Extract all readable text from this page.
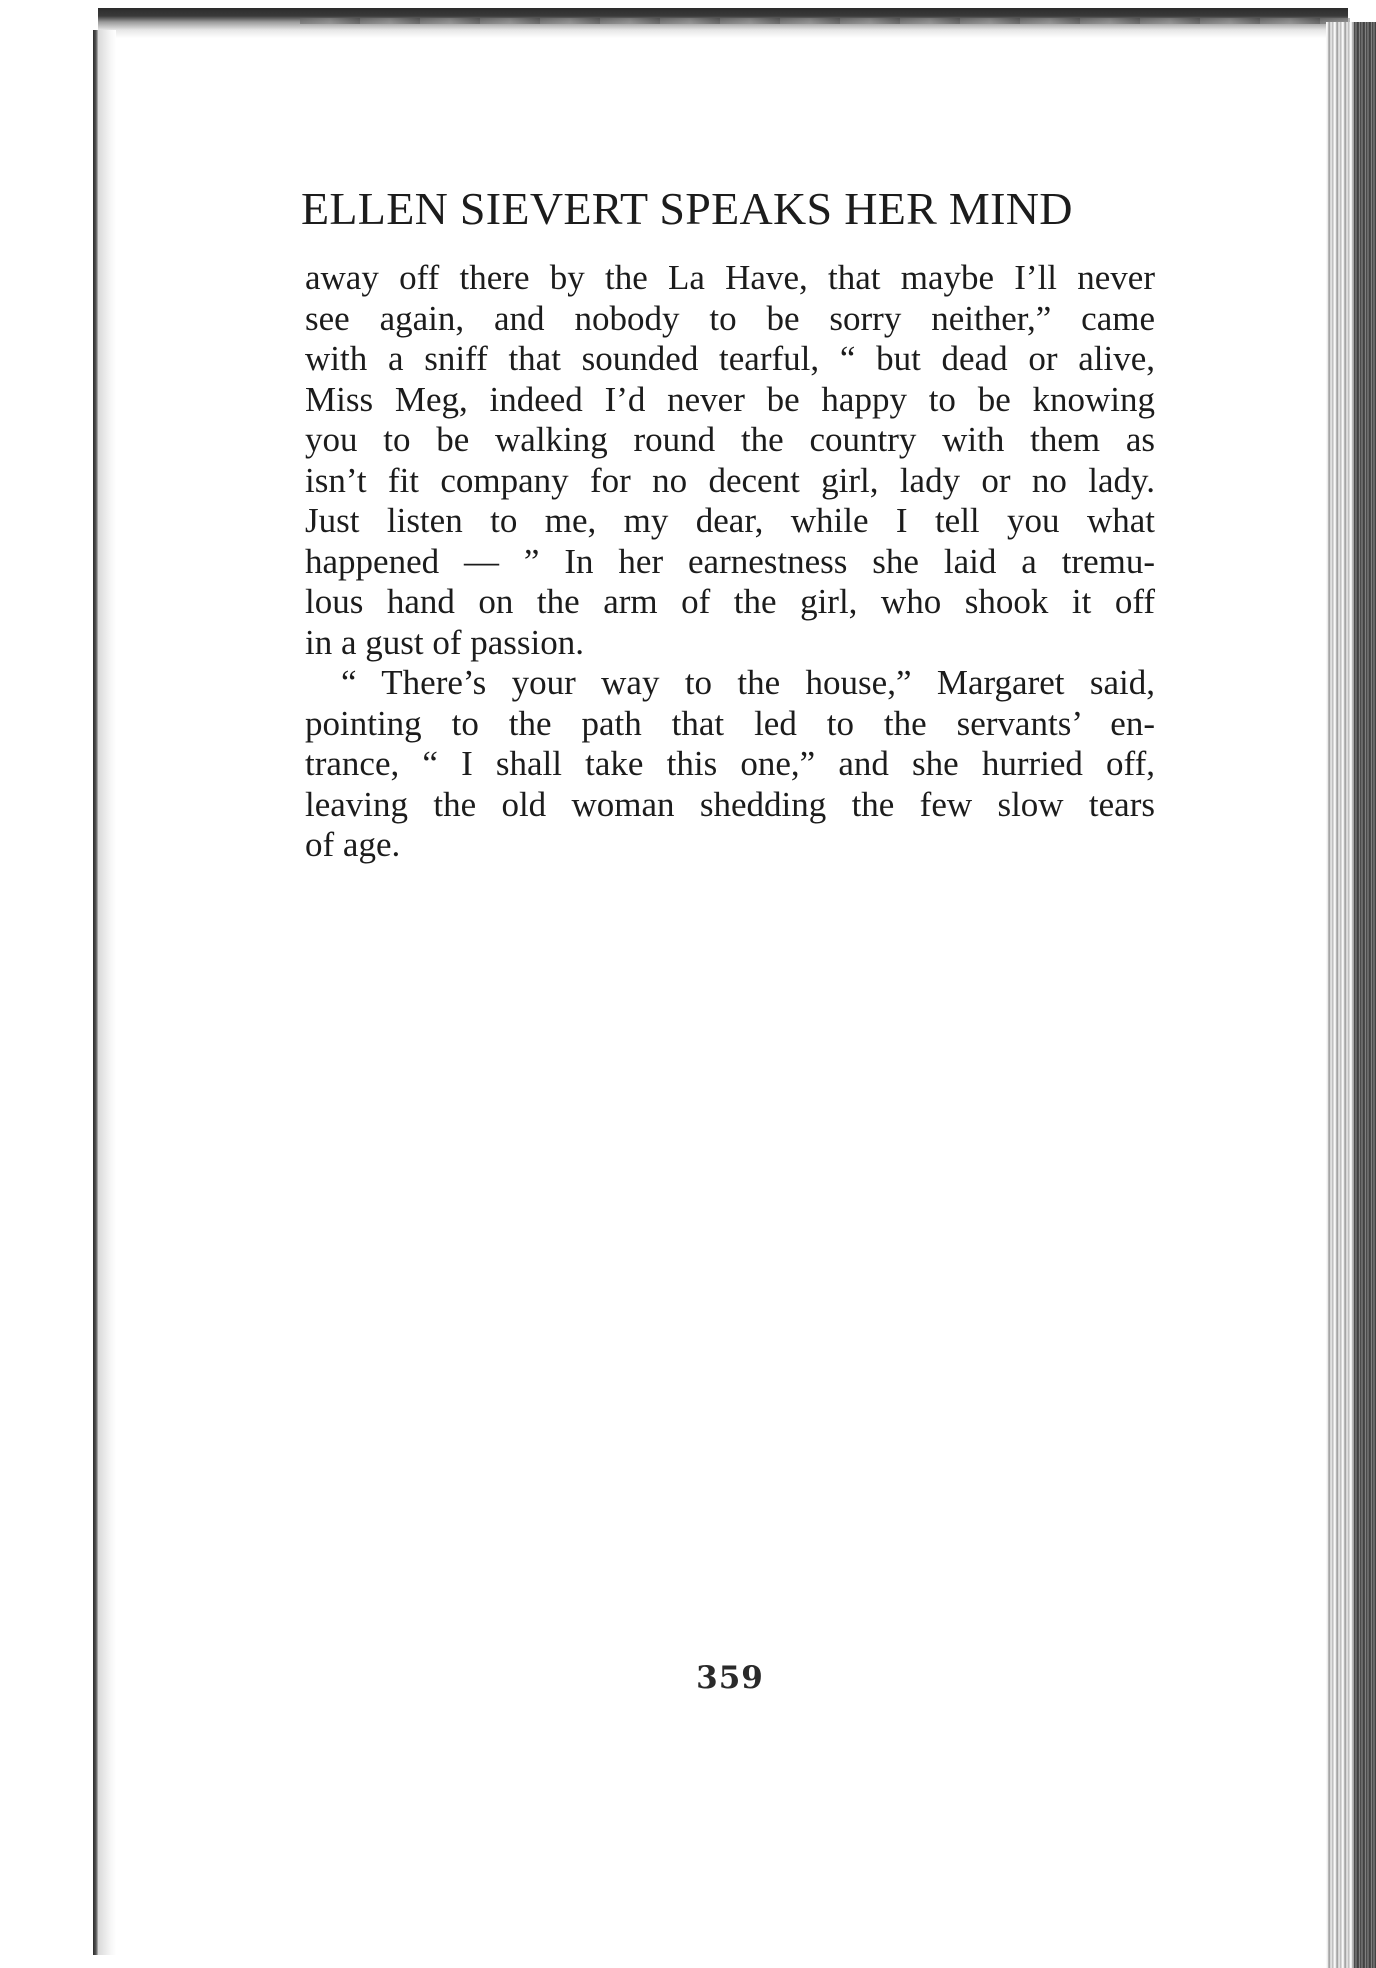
ELLEN SIEVERT SPEAKS HER MIND

away off there by the La Have, that maybe I’ll never
see again, and nobody to be sorry neither,” came
with a sniff that sounded tearful, “ but dead or alive,
Miss Meg, indeed I’d never be happy to be knowing
you to be walking round the country with them as
isn’t fit company for no decent girl, lady or no lady.
Just listen to me, my dear, while I tell you what
happened — ” In her earnestness she laid a tremu-
lous hand on the arm of the girl, who shook it off
in a gust of passion.

“ There’s your way to the house,” Margaret said,
pointing to the path that led to the servants’ en-
trance, “ I shall take this one,” and she hurried off,
leaving the old woman shedding the few slow tears
of age.

359
